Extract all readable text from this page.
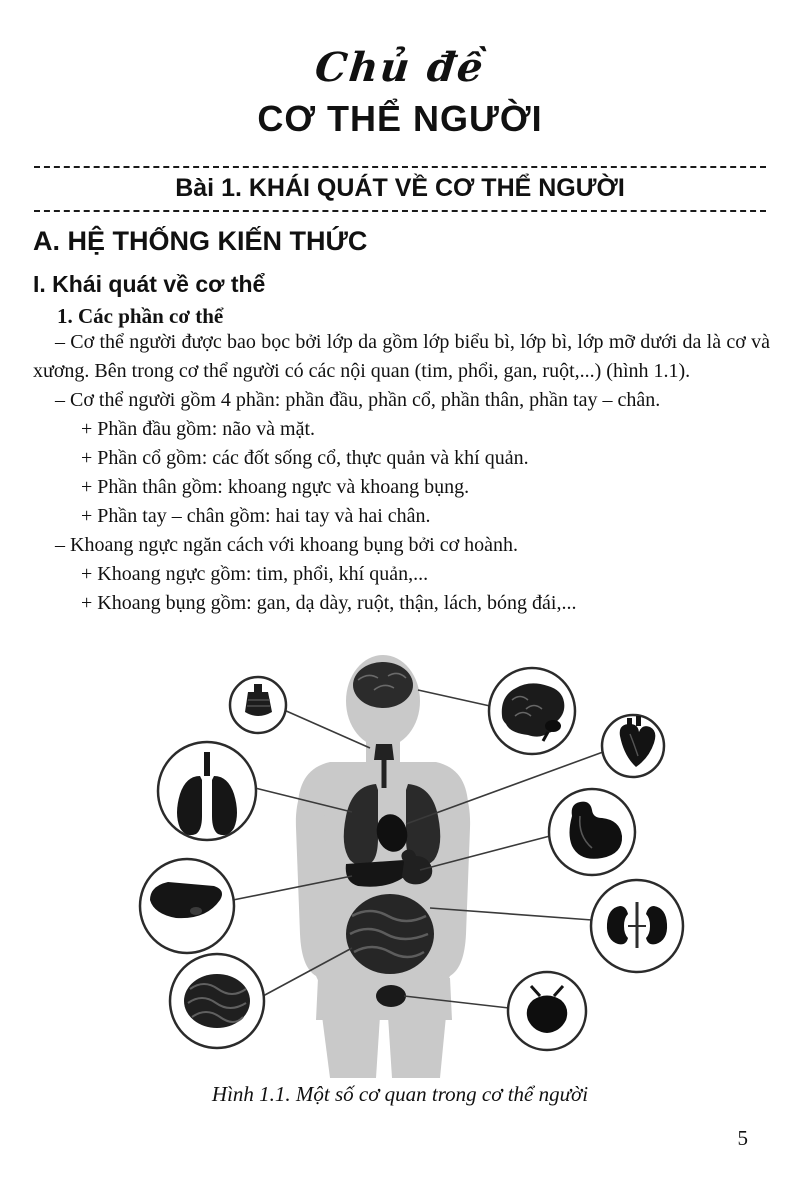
Chủ đề
CƠ THỂ NGƯỜI
Bài 1. KHÁI QUÁT VỀ CƠ THỂ NGƯỜI
A. HỆ THỐNG KIẾN THỨC
I. Khái quát về cơ thể
1. Các phần cơ thể

– Cơ thể người được bao bọc bởi lớp da gồm lớp biểu bì, lớp bì, lớp mỡ dưới da là cơ và xương. Bên trong cơ thể người có các nội quan (tim, phổi, gan, ruột,...) (hình 1.1).

– Cơ thể người gồm 4 phần: phần đầu, phần cổ, phần thân, phần tay – chân.

+ Phần đầu gồm: não và mặt.

+ Phần cổ gồm: các đốt sống cổ, thực quản và khí quản.

+ Phần thân gồm: khoang ngực và khoang bụng.

+ Phần tay – chân gồm: hai tay và hai chân.

– Khoang ngực ngăn cách với khoang bụng bởi cơ hoành.

+ Khoang ngực gồm: tim, phổi, khí quản,...

+ Khoang bụng gồm: gan, dạ dày, ruột, thận, lách, bóng đái,...

Hình 1.1. Một số cơ quan trong cơ thể người
5
